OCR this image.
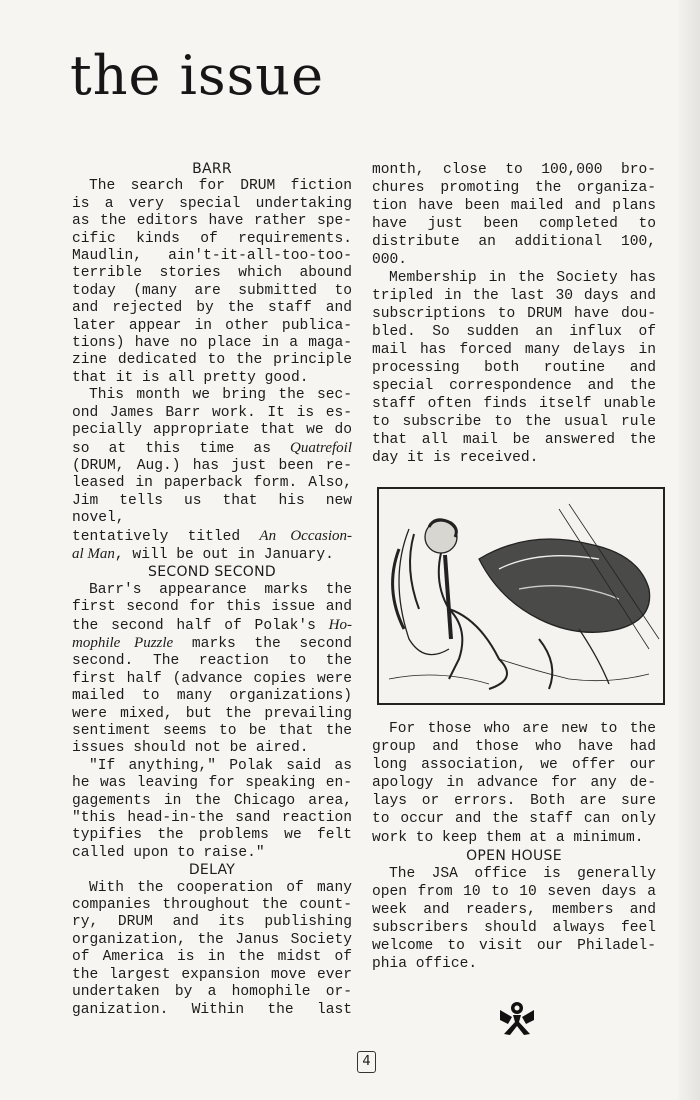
the issue
BARR
The search for DRUM fiction
is a very special undertaking
as the editors have rather spe-
cific kinds of requirements.
Maudlin, ain't-it-all-too-too-
terrible stories which abound
today (many are submitted to
and rejected by the staff and
later appear in other publica-
tions) have no place in a maga-
zine dedicated to the principle
that it is all pretty good.
This month we bring the sec-
ond James Barr work. It is es-
pecially appropriate that we do
so at this time as Quatrefoil
(DRUM, Aug.) has just been re-
leased in paperback form. Also,
Jim tells us that his new novel,
tentatively titled An Occasion-
al Man, will be out in January.
SECOND SECOND
Barr's appearance marks the
first second for this issue and
the second half of Polak's Ho-
mophile Puzzle marks the second
second. The reaction to the
first half (advance copies were
mailed to many organizations)
were mixed, but the prevailing
sentiment seems to be that the
issues should not be aired.
"If anything," Polak said as
he was leaving for speaking en-
gagements in the Chicago area,
"this head-in-the sand reaction
typifies the problems we felt
called upon to raise."
DELAY
With the cooperation of many
companies throughout the count-
ry, DRUM and its publishing
organization, the Janus Society
of America is in the midst of
the largest expansion move ever
undertaken by a homophile or-
ganization. Within the last
month, close to 100,000 bro-
chures promoting the organiza-
tion have been mailed and plans
have just been completed to
distribute an additional 100,
000.
Membership in the Society has
tripled in the last 30 days and
subscriptions to DRUM have dou-
bled. So sudden an influx of
mail has forced many delays in
processing both routine and
special correspondence and the
staff often finds itself unable
to subscribe to the usual rule
that all mail be answered the
day it is received.
For those who are new to the
group and those who have had
long association, we offer our
apology in advance for any de-
lays or errors. Both are sure
to occur and the staff can only
work to keep them at a minimum.
OPEN HOUSE
The JSA office is generally
open from 10 to 10 seven days a
week and readers, members and
subscribers should always feel
welcome to visit our Philadel-
phia office.
4
